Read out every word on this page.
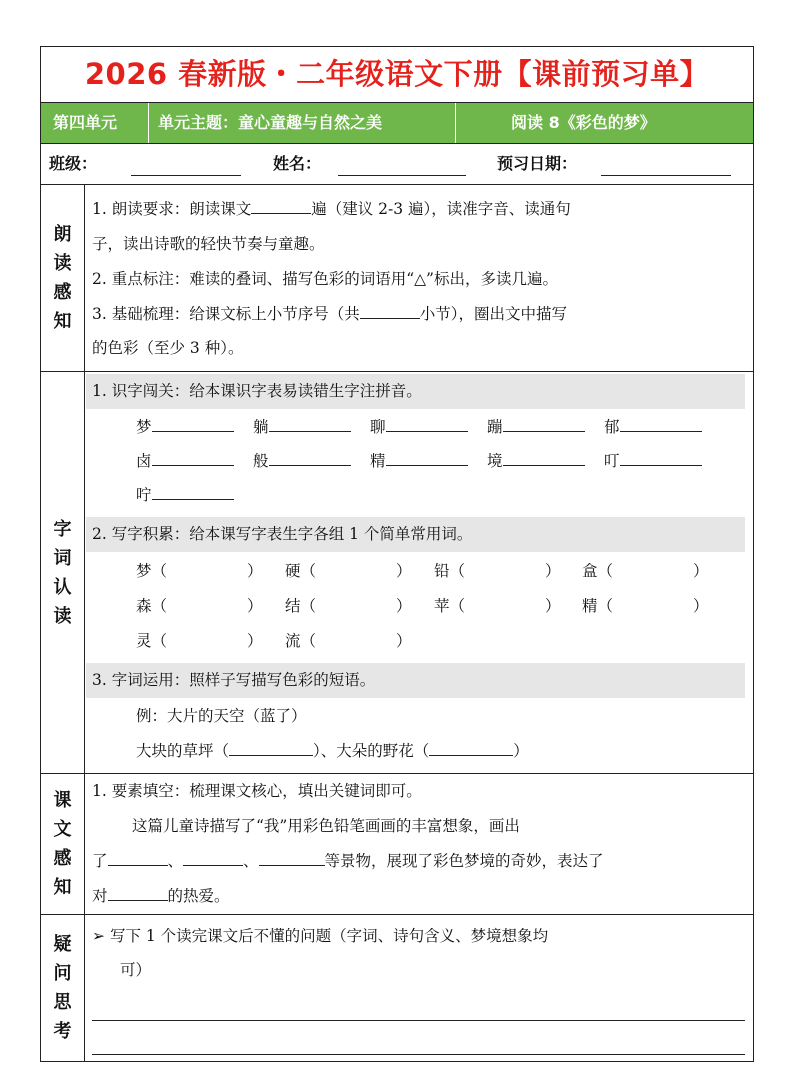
2026 春新版・二年级语文下册【课前预习单】
第四单元	单元主题：童心童趣与自然之美	阅读 8《彩色的梦》
班级：	姓名：	预习日期：
朗
读
感
知
1. 朗读要求：朗读课文	遍（建议 2-3 遍），读准字音、读通句
子，读出诗歌的轻快节奏与童趣。
2. 重点标注：难读的叠词、描写色彩的词语用“△”标出，多读几遍。
3. 基础梳理：给课文标上小节序号（共	小节），圈出文中描写
的色彩（至少 3 种）。
字
词
认
读
1. 识字闯关：给本课识字表易读错生字注拼音。
梦	躺	聊	蹦	郁
卤	般	精	境	叮
咛
2. 写字积累：给本课写字表生字各组 1 个简单常用词。
梦（	） 硬（	） 铅（	） 盒（	）
森（	） 结（	） 苹（	） 精（	）
灵（	） 流（	）
3. 字词运用：照样子写描写色彩的短语。
例：大片的天空（蓝了）
大块的草坪（	）、大朵的野花（	）
课
文
感
知
1. 要素填空：梳理课文核心，填出关键词即可。
这篇儿童诗描写了“我”用彩色铅笔画画的丰富想象，画出
了	、	、	等景物，展现了彩色梦境的奇妙，表达了
对	的热爱。
疑
问
思
考
➢ 写下 1 个读完课文后不懂的问题（字词、诗句含义、梦境想象均
可）
